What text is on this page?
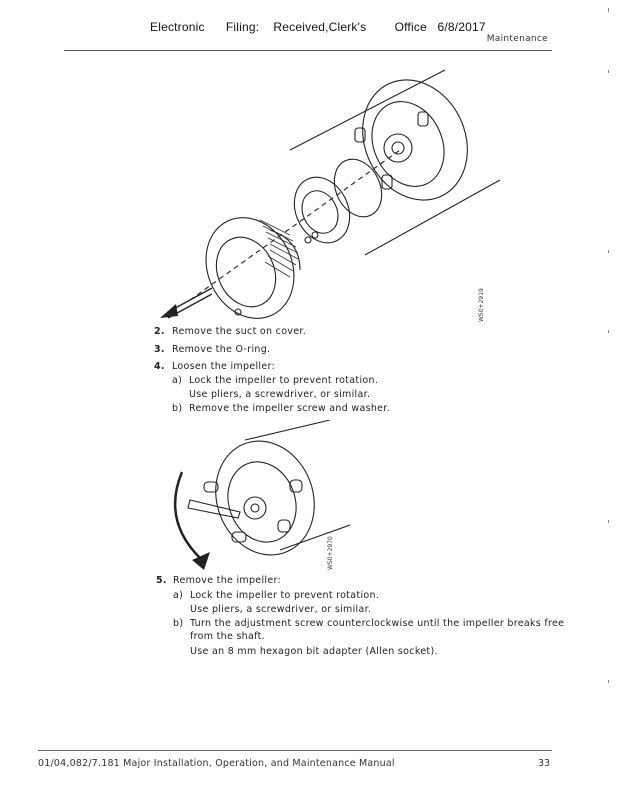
Electronic      Filing:    Received,Clerk's        Office   6/8/2017
Maintenance
WS0+2919
2. Remove the suct on cover.
3. Remove the O-ring.
4. Loosen the impeller:
a) Lock the impeller to prevent rotation.
Use pliers, a screwdriver, or similar.
b) Remove the impeller screw and washer.
WS0+2970
5. Remove the impeller:
a) Lock the impeller to prevent rotation.
Use pliers, a screwdriver, or similar.
b) Turn the adjustment screw counterclockwise until the impeller breaks free
from the shaft.
Use an 8 mm hexagon bit adapter (Allen socket).
01/04,082/7.181 Major Installation, Operation, and Maintenance Manual	33
